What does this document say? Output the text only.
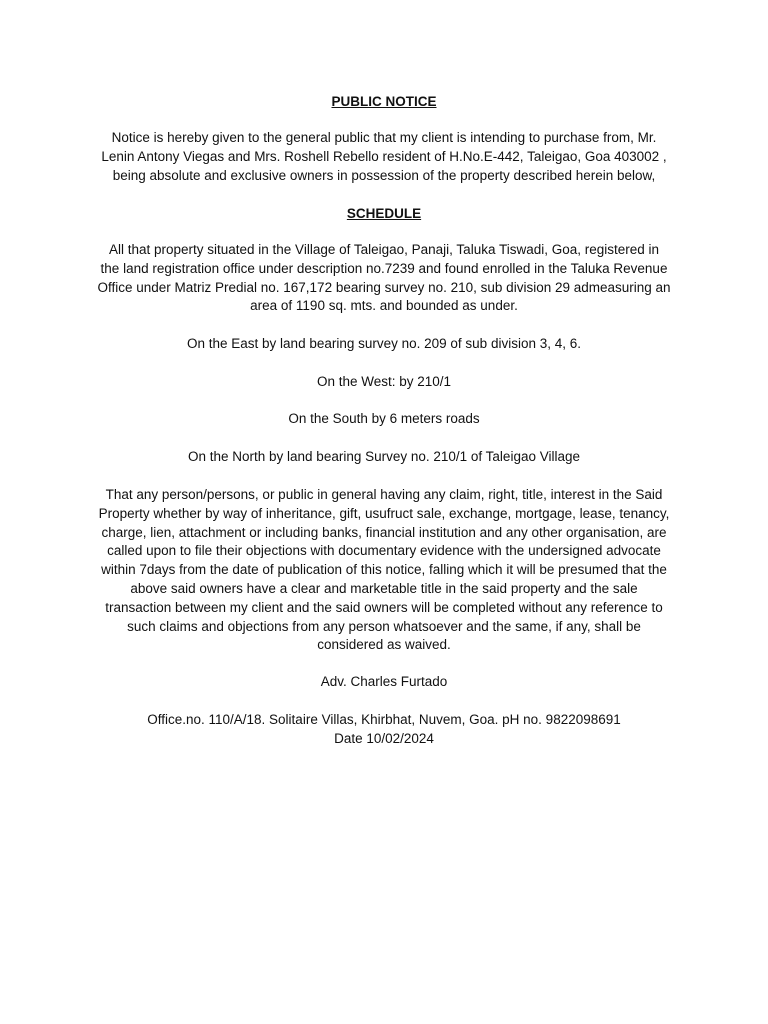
PUBLIC NOTICE

Notice is hereby given to the general public that my client is intending to purchase from, Mr.
Lenin Antony Viegas and Mrs. Roshell Rebello resident of H.No.E-442, Taleigao, Goa 403002 ,
being absolute and exclusive owners in possession of the property described herein below,

SCHEDULE

All that property situated in the Village of Taleigao, Panaji, Taluka Tiswadi, Goa, registered in
the land registration office under description no.7239 and found enrolled in the Taluka Revenue
Office under Matriz Predial no. 167,172 bearing survey no. 210, sub division 29 admeasuring an
area of 1190 sq. mts. and bounded as under.

On the East by land bearing survey no. 209 of sub division 3, 4, 6.

On the West: by 210/1

On the South by 6 meters roads

On the North by land bearing Survey no. 210/1 of Taleigao Village

That any person/persons, or public in general having any claim, right, title, interest in the Said
Property whether by way of inheritance, gift, usufruct sale, exchange, mortgage, lease, tenancy,
charge, lien, attachment or including banks, financial institution and any other organisation, are
called upon to file their objections with documentary evidence with the undersigned advocate
within 7days from the date of publication of this notice, falling which it will be presumed that the
above said owners have a clear and marketable title in the said property and the sale
transaction between my client and the said owners will be completed without any reference to
such claims and objections from any person whatsoever and the same, if any, shall be
considered as waived.

Adv. Charles Furtado

Office.no. 110/A/18. Solitaire Villas, Khirbhat, Nuvem, Goa. pH no. 9822098691

Date 10/02/2024
